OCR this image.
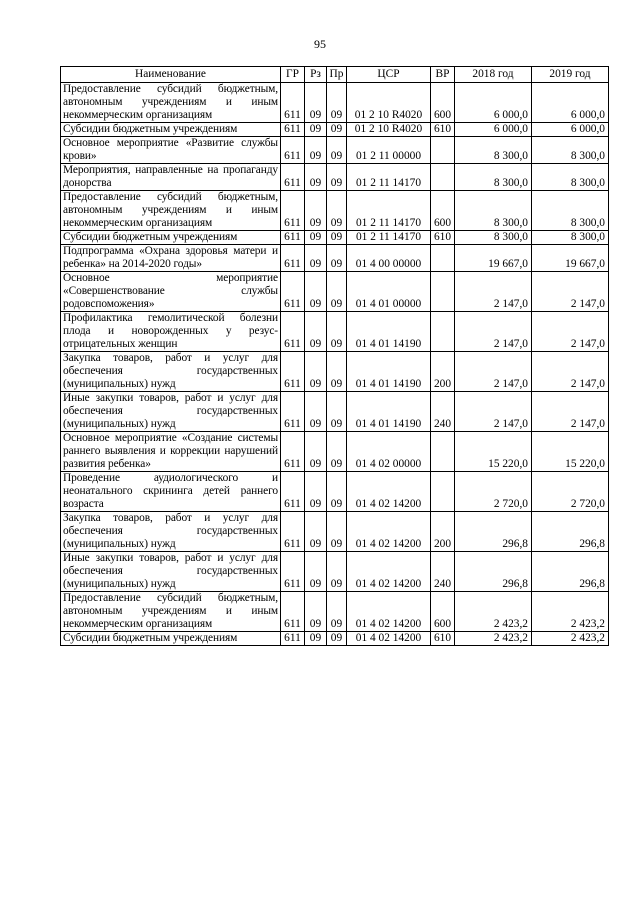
95
Наименование	ГР	Рз	Пр	ЦСР	ВР	2018 год	2019 год
Предоставление субсидий бюджетным, автономным учреждениям и иным некоммерческим организациям	611	09	09	01 2 10 R4020	600	6 000,0	6 000,0
Субсидии бюджетным учреждениям	611	09	09	01 2 10 R4020	610	6 000,0	6 000,0
Основное мероприятие «Развитие службы крови»	611	09	09	01 2 11 00000		8 300,0	8 300,0
Мероприятия, направленные на пропаганду донорства	611	09	09	01 2 11 14170		8 300,0	8 300,0
Предоставление субсидий бюджетным, автономным учреждениям и иным некоммерческим организациям	611	09	09	01 2 11 14170	600	8 300,0	8 300,0
Субсидии бюджетным учреждениям	611	09	09	01 2 11 14170	610	8 300,0	8 300,0
Подпрограмма «Охрана здоровья матери и ребенка» на 2014-2020 годы»	611	09	09	01 4 00 00000		19 667,0	19 667,0
Основное мероприятие «Совершенствование службы родовспоможения»	611	09	09	01 4 01 00000		2 147,0	2 147,0
Профилактика гемолитической болезни плода и новорожденных у резус-отрицательных женщин	611	09	09	01 4 01 14190		2 147,0	2 147,0
Закупка товаров, работ и услуг для обеспечения государственных (муниципальных) нужд	611	09	09	01 4 01 14190	200	2 147,0	2 147,0
Иные закупки товаров, работ и услуг для обеспечения государственных (муниципальных) нужд	611	09	09	01 4 01 14190	240	2 147,0	2 147,0
Основное мероприятие «Создание системы раннего выявления и коррекции нарушений развития ребенка»	611	09	09	01 4 02 00000		15 220,0	15 220,0
Проведение аудиологического и неонатального скрининга детей раннего возраста	611	09	09	01 4 02 14200		2 720,0	2 720,0
Закупка товаров, работ и услуг для обеспечения государственных (муниципальных) нужд	611	09	09	01 4 02 14200	200	296,8	296,8
Иные закупки товаров, работ и услуг для обеспечения государственных (муниципальных) нужд	611	09	09	01 4 02 14200	240	296,8	296,8
Предоставление субсидий бюджетным, автономным учреждениям и иным некоммерческим организациям	611	09	09	01 4 02 14200	600	2 423,2	2 423,2
Субсидии бюджетным учреждениям	611	09	09	01 4 02 14200	610	2 423,2	2 423,2
